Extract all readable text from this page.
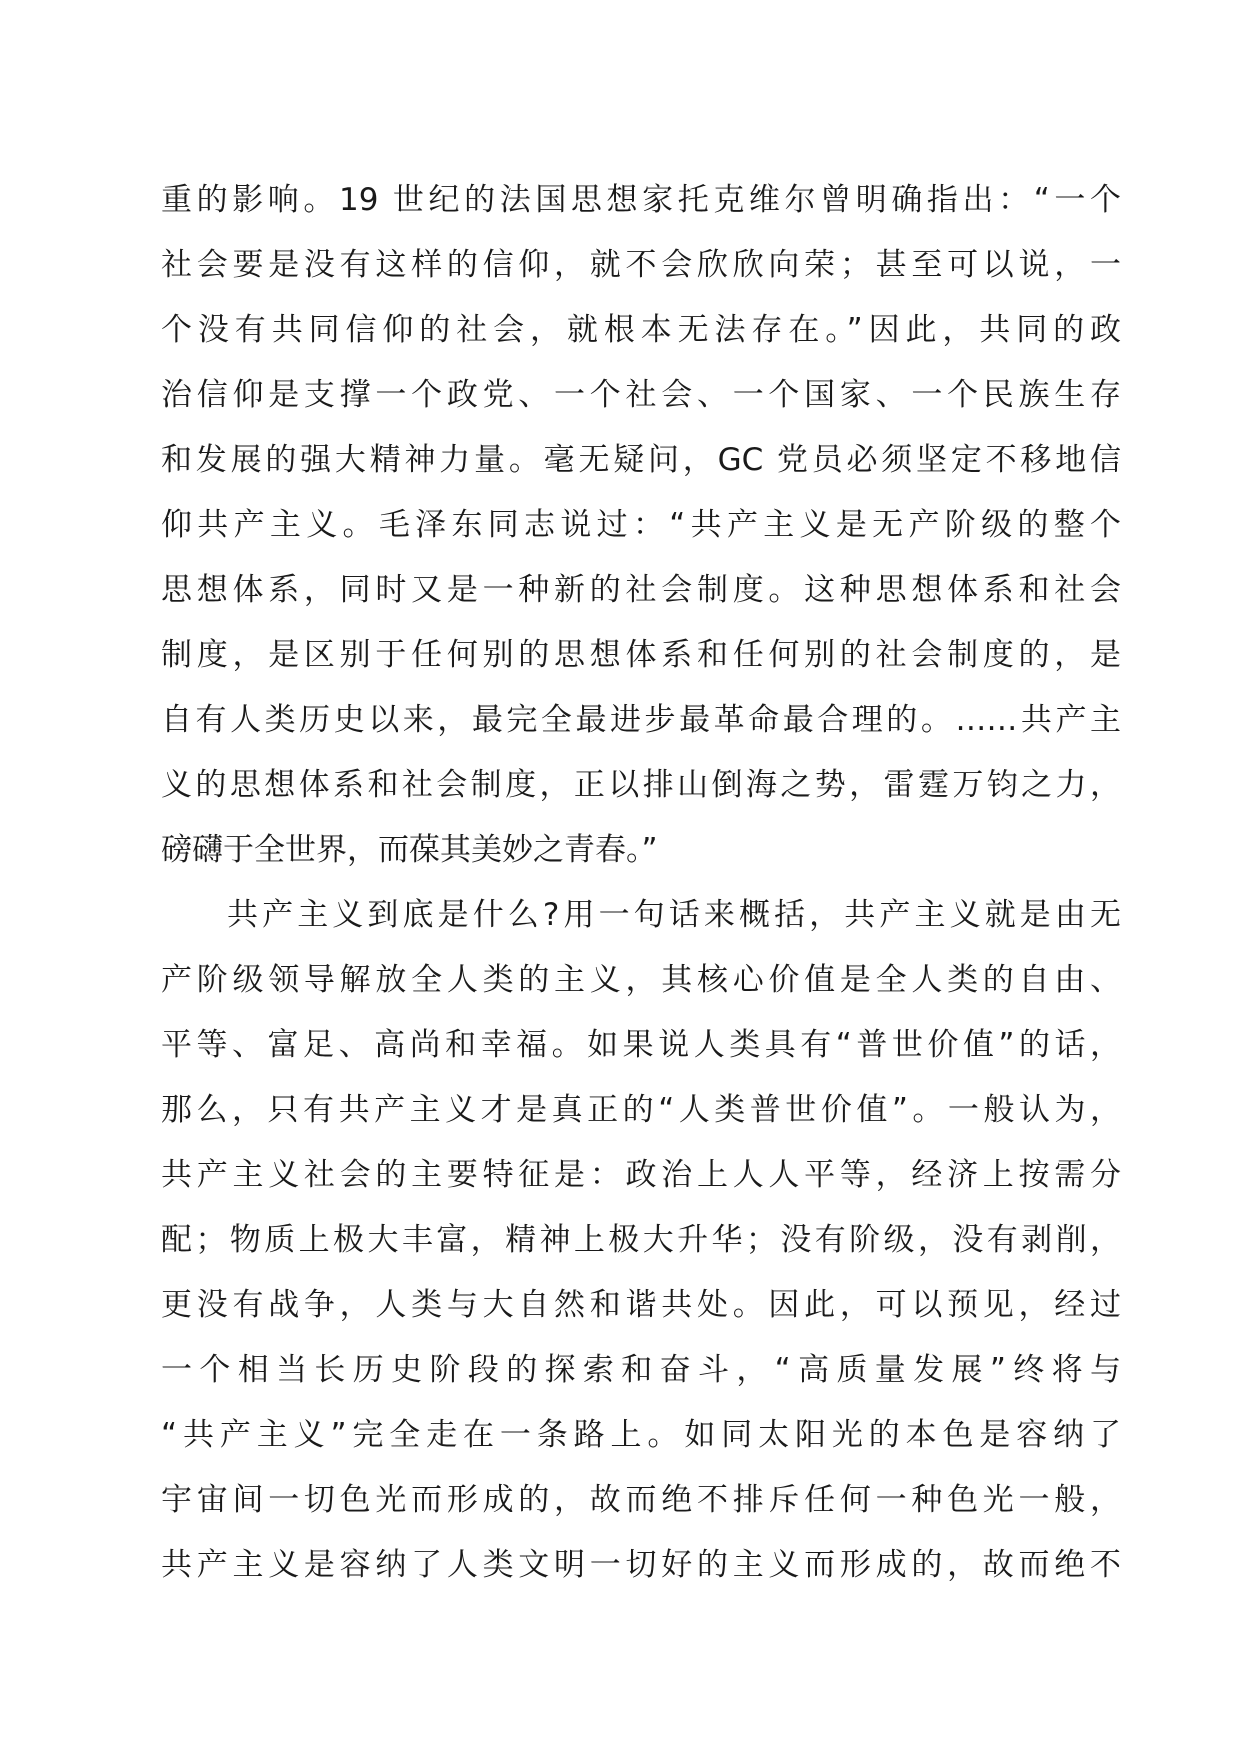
重的影响。19 世纪的法国思想家托克维尔曾明确指出：“一个
社会要是没有这样的信仰，就不会欣欣向荣；甚至可以说，一
个没有共同信仰的社会，就根本无法存在。”因此，共同的政
治信仰是支撑一个政党、一个社会、一个国家、一个民族生存
和发展的强大精神力量。毫无疑问，GC 党员必须坚定不移地信
仰共产主义。毛泽东同志说过：“共产主义是无产阶级的整个
思想体系，同时又是一种新的社会制度。这种思想体系和社会
制度，是区别于任何别的思想体系和任何别的社会制度的，是
自有人类历史以来，最完全最进步最革命最合理的。……共产主
义的思想体系和社会制度，正以排山倒海之势，雷霆万钧之力，
磅礴于全世界，而葆其美妙之青春。”
共产主义到底是什么?用一句话来概括，共产主义就是由无
产阶级领导解放全人类的主义，其核心价值是全人类的自由、
平等、富足、高尚和幸福。如果说人类具有“普世价值”的话，
那么，只有共产主义才是真正的“人类普世价值”。一般认为，
共产主义社会的主要特征是：政治上人人平等，经济上按需分
配；物质上极大丰富，精神上极大升华；没有阶级，没有剥削，
更没有战争，人类与大自然和谐共处。因此，可以预见，经过
一个相当长历史阶段的探索和奋斗，“高质量发展”终将与
“共产主义”完全走在一条路上。如同太阳光的本色是容纳了
宇宙间一切色光而形成的，故而绝不排斥任何一种色光一般，
共产主义是容纳了人类文明一切好的主义而形成的，故而绝不
